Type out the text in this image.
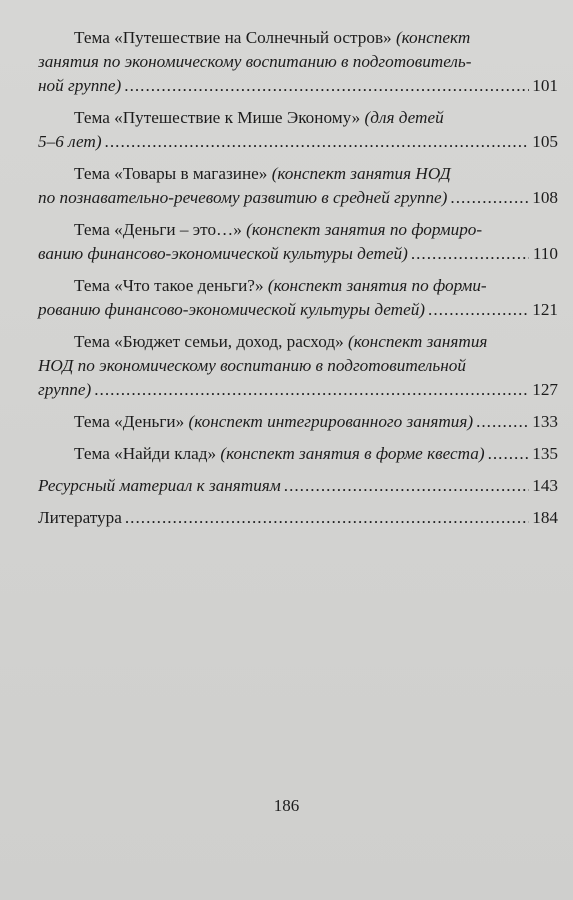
Тема «Путешествие на Солнечный остров» (конспект
занятия по экономическому воспитанию в подготовитель-
ной группе) .....	101
Тема «Путешествие к Мише Эконому» (для детей
5–6 лет) .....	105
Тема «Товары в магазине» (конспект занятия НОД
по познавательно-речевому развитию в средней группе) .....	108
Тема «Деньги – это…» (конспект занятия по формиро-
ванию финансово-экономической культуры детей) .....	110
Тема «Что такое деньги?» (конспект занятия по форми-
рованию финансово-экономической культуры детей) .....	121
Тема «Бюджет семьи, доход, расход» (конспект занятия
НОД по экономическому воспитанию в подготовительной
группе) .....	127
Тема «Деньги» (конспект интегрированного занятия) .....	133
Тема «Найди клад» (конспект занятия в форме квеста) .....	135
Ресурсный материал к занятиям .....	143
Литература .....	184
186
